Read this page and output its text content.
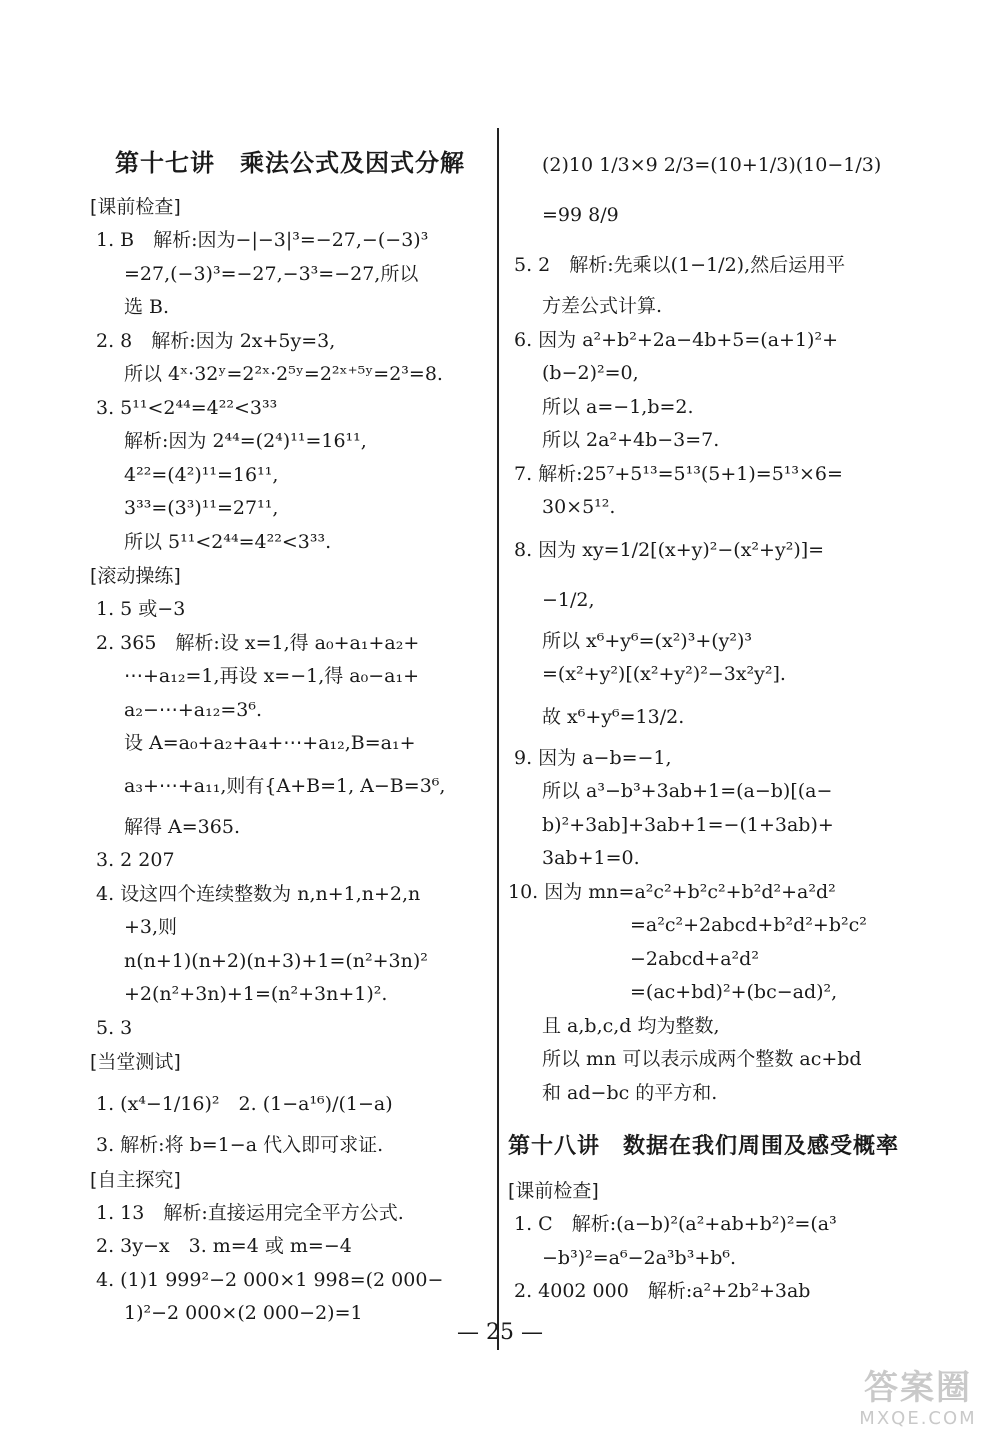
第十七讲　乘法公式及因式分解
[课前检查]
1. B　解析:因为−|−3|³=−27,−(−3)³
=27,(−3)³=−27,−3³=−27,所以
选 B.
2. 8　解析:因为 2x+5y=3,
所以 4ˣ·32ʸ=2²ˣ·2⁵ʸ=2²ˣ⁺⁵ʸ=2³=8.
3. 5¹¹<2⁴⁴=4²²<3³³
解析:因为 2⁴⁴=(2⁴)¹¹=16¹¹,
4²²=(4²)¹¹=16¹¹,
3³³=(3³)¹¹=27¹¹,
所以 5¹¹<2⁴⁴=4²²<3³³.
[滚动操练]
1. 5 或−3
2. 365　解析:设 x=1,得 a₀+a₁+a₂+
⋯+a₁₂=1,再设 x=−1,得 a₀−a₁+
a₂−⋯+a₁₂=3⁶.
设 A=a₀+a₂+a₄+⋯+a₁₂,B=a₁+
a₃+⋯+a₁₁,则有{A+B=1, A−B=3⁶,
解得 A=365.
3. 2 207
4. 设这四个连续整数为 n,n+1,n+2,n
+3,则
n(n+1)(n+2)(n+3)+1=(n²+3n)²
+2(n²+3n)+1=(n²+3n+1)².
5. 3
[当堂测试]
1. (x⁴−1/16)²　2. (1−a¹⁶)/(1−a)
3. 解析:将 b=1−a 代入即可求证.
[自主探究]
1. 13　解析:直接运用完全平方公式.
2. 3y−x　3. m=4 或 m=−4
4. (1)1 999²−2 000×1 998=(2 000−
1)²−2 000×(2 000−2)=1
(2)10 1/3×9 2/3=(10+1/3)(10−1/3)
=99 8/9
5. 2　解析:先乘以(1−1/2),然后运用平
方差公式计算.
6. 因为 a²+b²+2a−4b+5=(a+1)²+
(b−2)²=0,
所以 a=−1,b=2.
所以 2a²+4b−3=7.
7. 解析:25⁷+5¹³=5¹³(5+1)=5¹³×6=
30×5¹².
8. 因为 xy=1/2[(x+y)²−(x²+y²)]=
−1/2,
所以 x⁶+y⁶=(x²)³+(y²)³
=(x²+y²)[(x²+y²)²−3x²y²].
故 x⁶+y⁶=13/2.
9. 因为 a−b=−1,
所以 a³−b³+3ab+1=(a−b)[(a−
b)²+3ab]+3ab+1=−(1+3ab)+
3ab+1=0.
10. 因为 mn=a²c²+b²c²+b²d²+a²d²
=a²c²+2abcd+b²d²+b²c²
−2abcd+a²d²
=(ac+bd)²+(bc−ad)²,
且 a,b,c,d 均为整数,
所以 mn 可以表示成两个整数 ac+bd
和 ad−bc 的平方和.
第十八讲　数据在我们周围及感受概率
[课前检查]
1. C　解析:(a−b)²(a²+ab+b²)²=(a³
−b³)²=a⁶−2a³b³+b⁶.
2. 4002 000　解析:a²+2b²+3ab
— 25 —
答案圈
MXQE.COM
